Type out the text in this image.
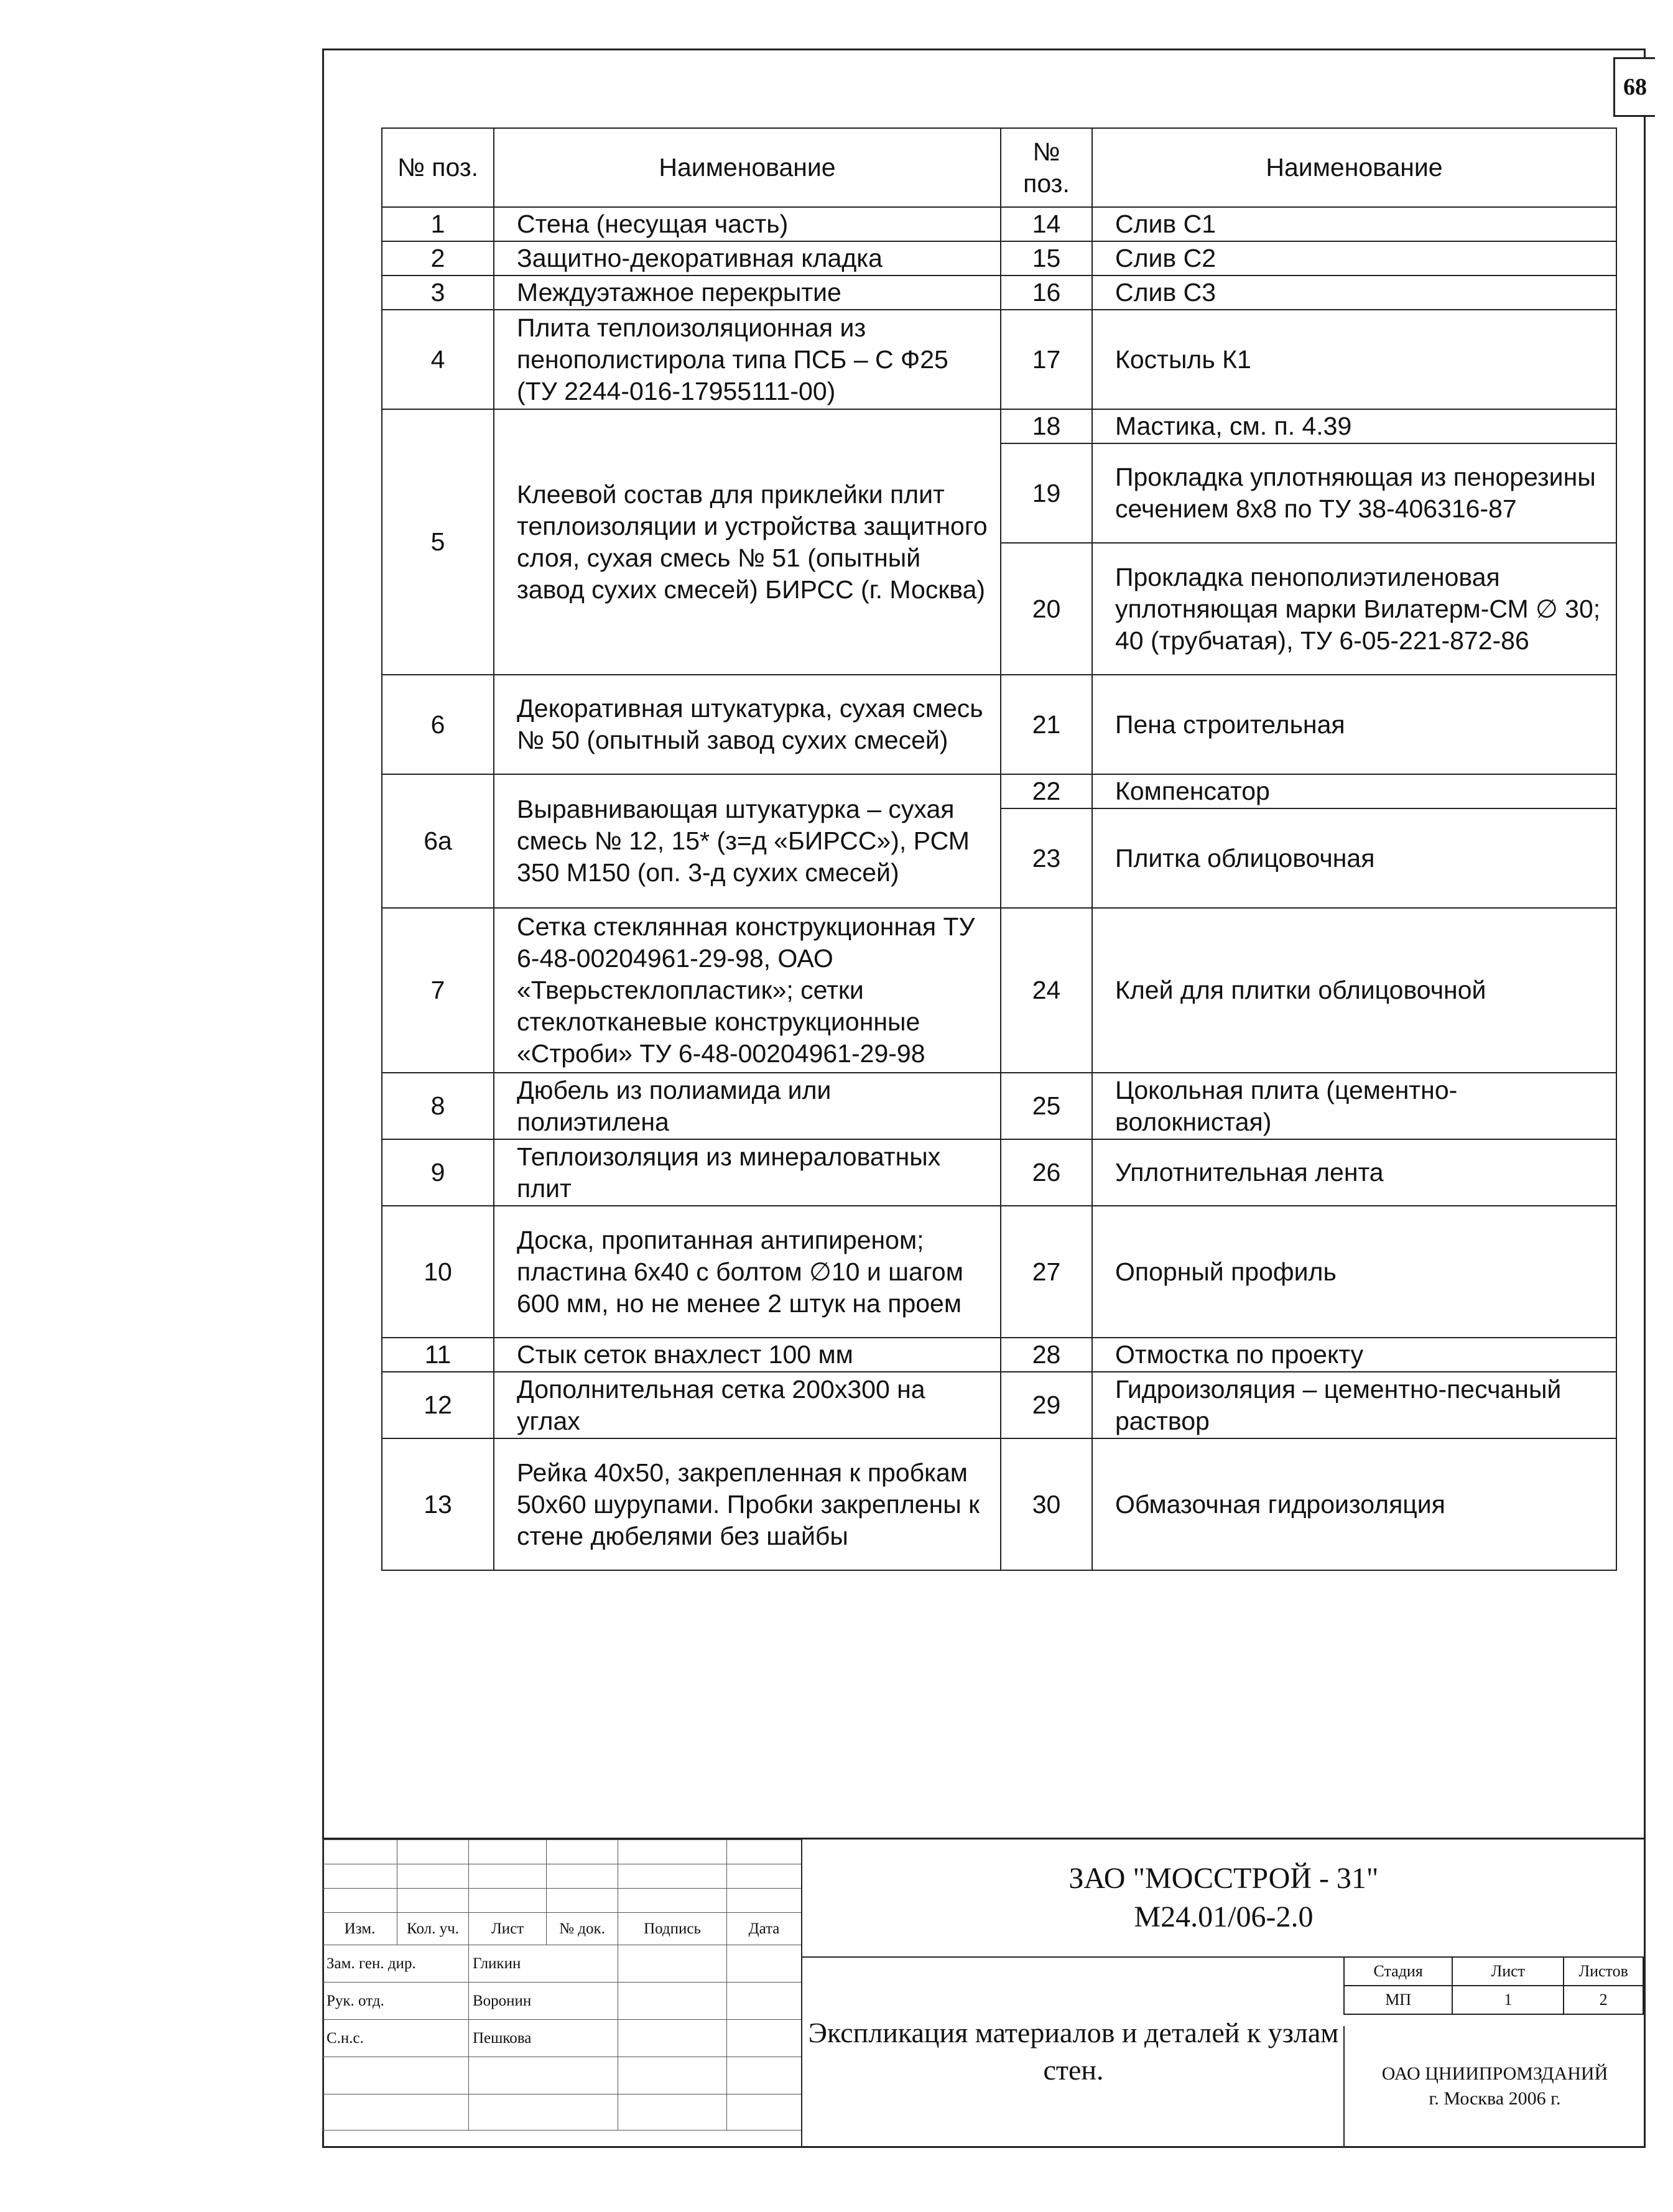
68
№ поз.	Наименование	№ поз.	Наименование
1	Стена (несущая часть)	14	Слив С1
2	Защитно-декоративная кладка	15	Слив С2
3	Междуэтажное перекрытие	16	Слив С3
4	Плита теплоизоляционная из пенополистирола типа ПСБ – С Ф25 (ТУ 2244-016-17955111-00)	17	Костыль К1
5	Клеевой состав для приклейки плит теплоизоляции и устройства защитного слоя, сухая смесь № 51 (опытный завод сухих смесей) БИРСС (г. Москва)	18	Мастика, см. п. 4.39
		19	Прокладка уплотняющая из пенорезины сечением 8х8 по ТУ 38-406316-87
		20	Прокладка пенополиэтиленовая уплотняющая марки Вилатерм-СМ ∅ 30; 40 (трубчатая), ТУ 6-05-221-872-86
6	Декоративная штукатурка, сухая смесь № 50 (опытный завод сухих смесей)	21	Пена строительная
6а	Выравнивающая штукатурка – сухая смесь № 12, 15* (з=д «БИРСС»), РСМ 350 М150 (оп. 3-д сухих смесей)	22	Компенсатор
		23	Плитка облицовочная
7	Сетка стеклянная конструкционная ТУ 6-48-00204961-29-98, ОАО «Тверьстеклопластик»; сетки стеклотканевые конструкционные «Строби» ТУ 6-48-00204961-29-98	24	Клей для плитки облицовочной
8	Дюбель из полиамида или полиэтилена	25	Цокольная плита (цементно-волокнистая)
9	Теплоизоляция из минераловатных плит	26	Уплотнительная лента
10	Доска, пропитанная антипиреном; пластина 6х40 с болтом ∅10 и шагом 600 мм, но не менее 2 штук на проем	27	Опорный профиль
11	Стык сеток внахлест 100 мм	28	Отмостка по проекту
12	Дополнительная сетка 200х300 на углах	29	Гидроизоляция – цементно-песчаный раствор
13	Рейка 40х50, закрепленная к пробкам 50х60 шурупами. Пробки закреплены к стене дюбелями без шайбы	30	Обмазочная гидроизоляция

Изм.	Кол. уч.	Лист	№ док.	Подпись	Дата
Зам. ген. дир.		Гликин			
Рук. отд.		Воронин			
С.н.с.		Пешкова			

ЗАО "МОССТРОЙ - 31"
М24.01/06-2.0
Экспликация материалов и деталей к узлам стен.
Стадия	Лист	Листов
МП	1	2
ОАО ЦНИИПРОМЗДАНИЙ
г. Москва 2006 г.
